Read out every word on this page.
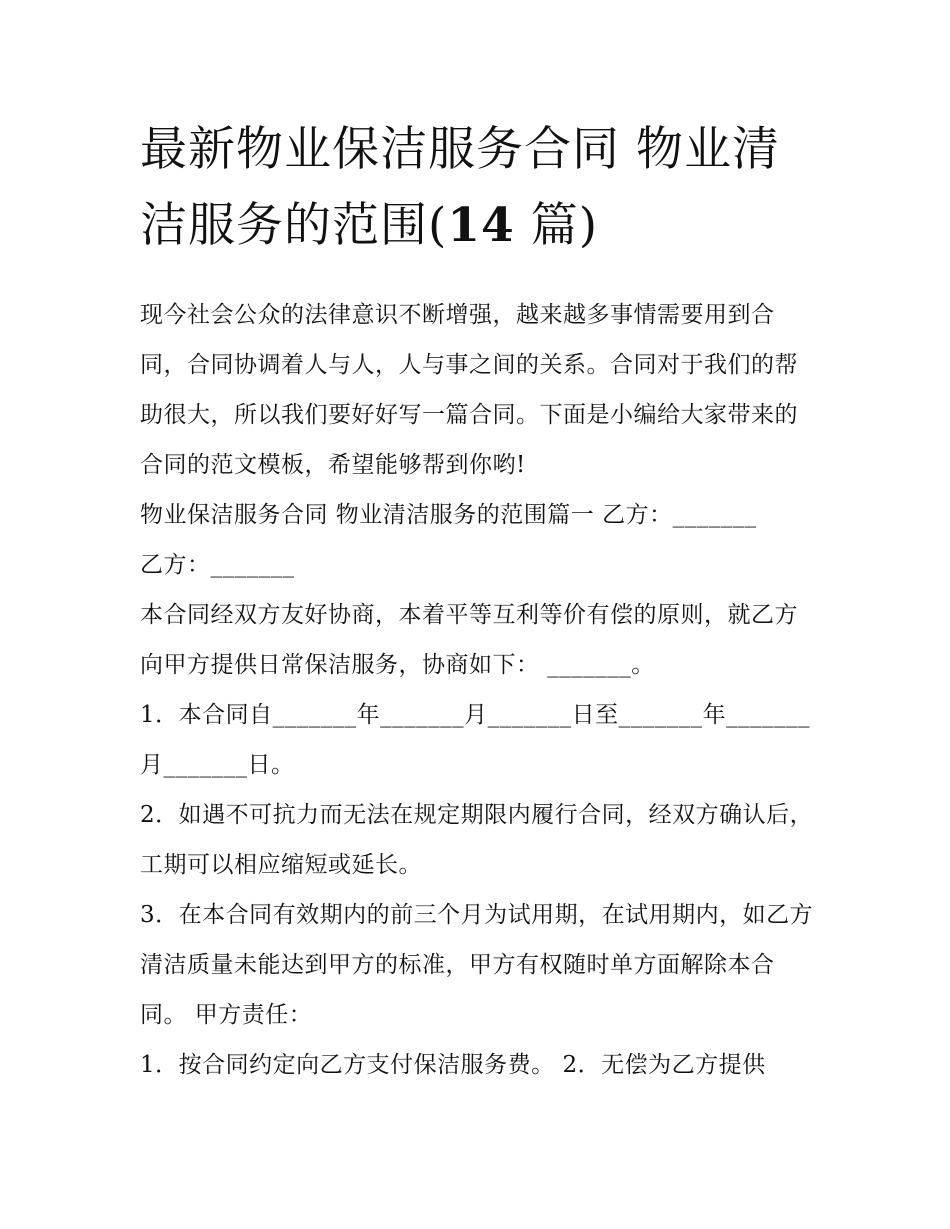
最新物业保洁服务合同 物业清洁服务的范围(14 篇)

现今社会公众的法律意识不断增强，越来越多事情需要用到合同，合同协调着人与人，人与事之间的关系。合同对于我们的帮助很大，所以我们要好好写一篇合同。下面是小编给大家带来的合同的范文模板，希望能够帮到你哟!

物业保洁服务合同 物业清洁服务的范围篇一 乙方：_______

乙方：_______

本合同经双方友好协商，本着平等互利等价有偿的原则，就乙方向甲方提供日常保洁服务，协商如下： _______。

1．本合同自_______年_______月_______日至_______年_______月_______日。

2．如遇不可抗力而无法在规定期限内履行合同，经双方确认后，工期可以相应缩短或延长。

3．在本合同有效期内的前三个月为试用期，在试用期内，如乙方清洁质量未能达到甲方的标准，甲方有权随时单方面解除本合同。 甲方责任：

1．按合同约定向乙方支付保洁服务费。 2．无偿为乙方提供
